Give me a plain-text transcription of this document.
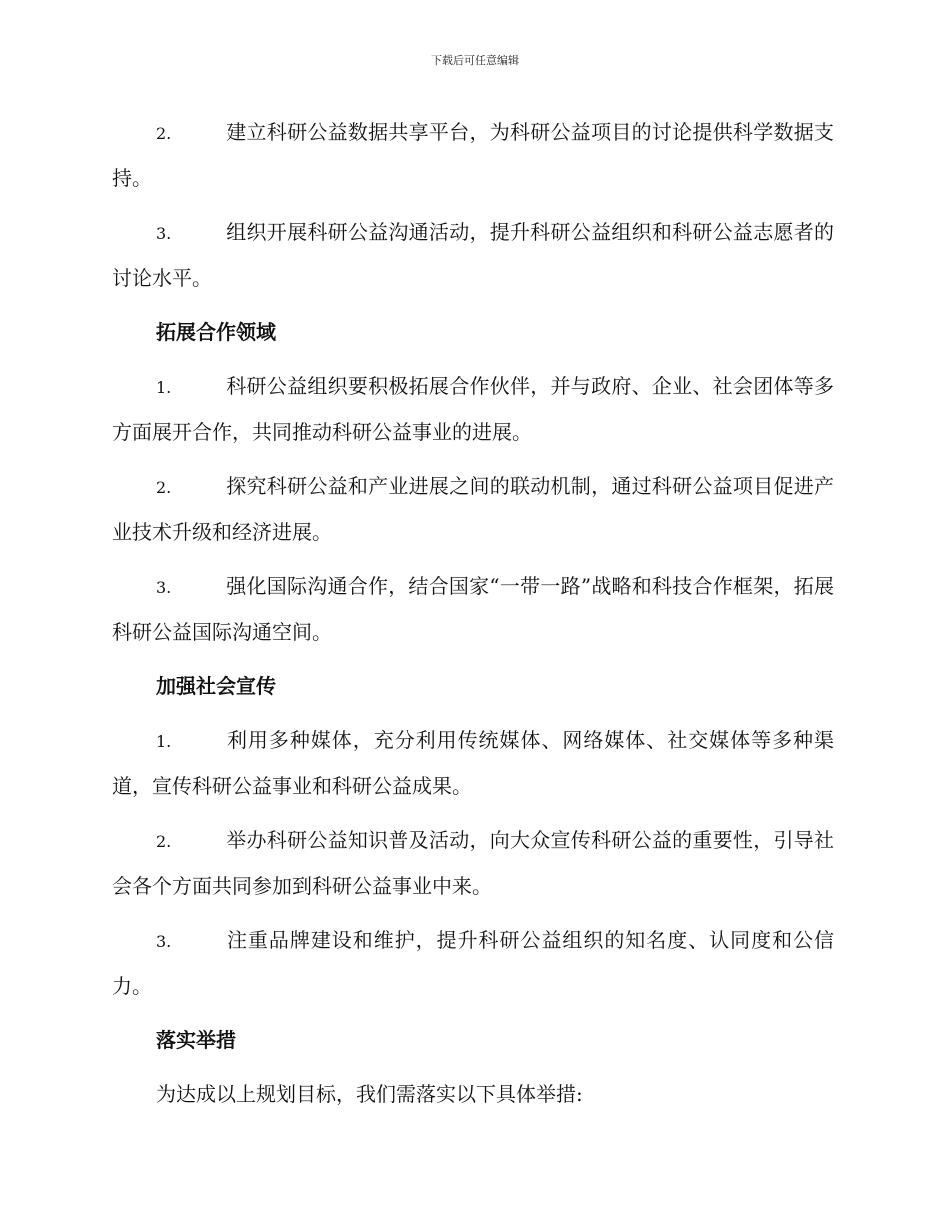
下载后可任意编辑

2.	建立科研公益数据共享平台，为科研公益项目的讨论提供科学数据支持。

3.	组织开展科研公益沟通活动，提升科研公益组织和科研公益志愿者的讨论水平。

拓展合作领域

1.	科研公益组织要积极拓展合作伙伴，并与政府、企业、社会团体等多方面展开合作，共同推动科研公益事业的进展。

2.	探究科研公益和产业进展之间的联动机制，通过科研公益项目促进产业技术升级和经济进展。

3.	强化国际沟通合作，结合国家“一带一路”战略和科技合作框架，拓展科研公益国际沟通空间。

加强社会宣传

1.	利用多种媒体，充分利用传统媒体、网络媒体、社交媒体等多种渠道，宣传科研公益事业和科研公益成果。

2.	举办科研公益知识普及活动，向大众宣传科研公益的重要性，引导社会各个方面共同参加到科研公益事业中来。

3.	注重品牌建设和维护，提升科研公益组织的知名度、认同度和公信力。

落实举措

为达成以上规划目标，我们需落实以下具体举措:
